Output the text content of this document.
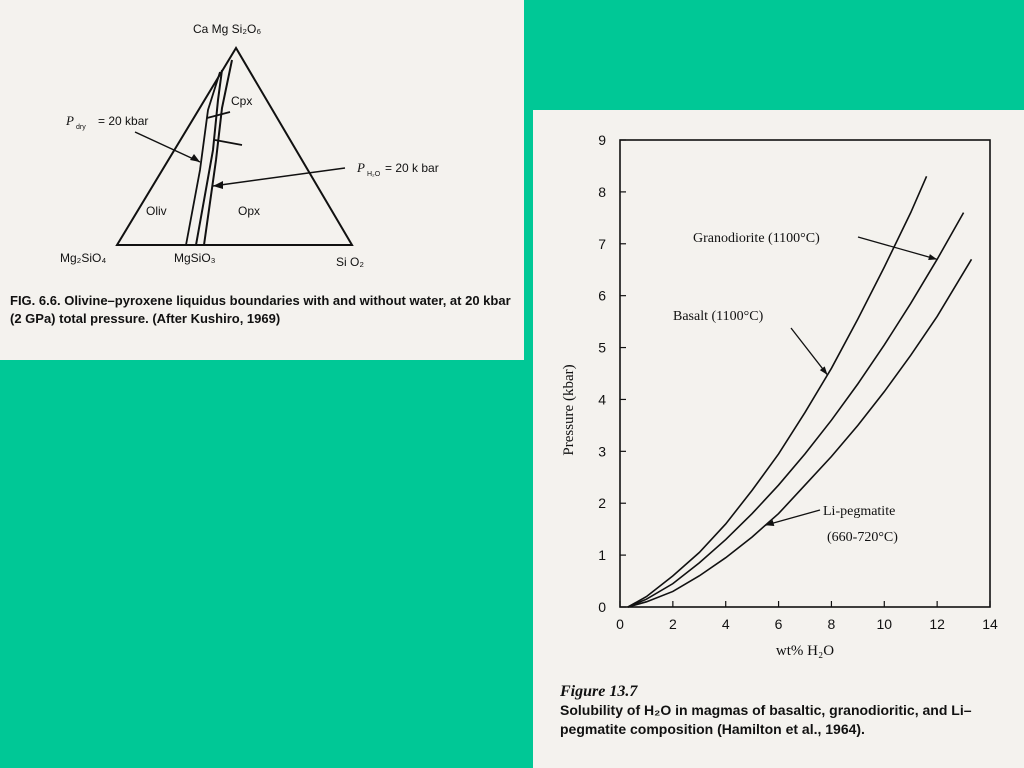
Ca Mg Si₂O₆
Mg₂SiO₄	MgSiO₃	Si O₂
Cpx
Oliv	Opx
P dry = 20 kbar
P H₂O = 20 k bar
FIG. 6.6. Olivine–pyroxene liquidus boundaries with and without water, at 20 kbar (2 GPa) total pressure. (After Kushiro, 1969)
0
1
2
3
4
5
6
7
8
9
0	2	4	6	8	10	12	14
Granodiorite (1100°C)
Basalt (1100°C)
Li-pegmatite
(660-720°C)
Pressure (kbar)
wt% H₂O
Figure 13.7
Solubility of H₂O in magmas of basaltic, granodioritic, and Li–pegmatite composition (Hamilton et al., 1964).
